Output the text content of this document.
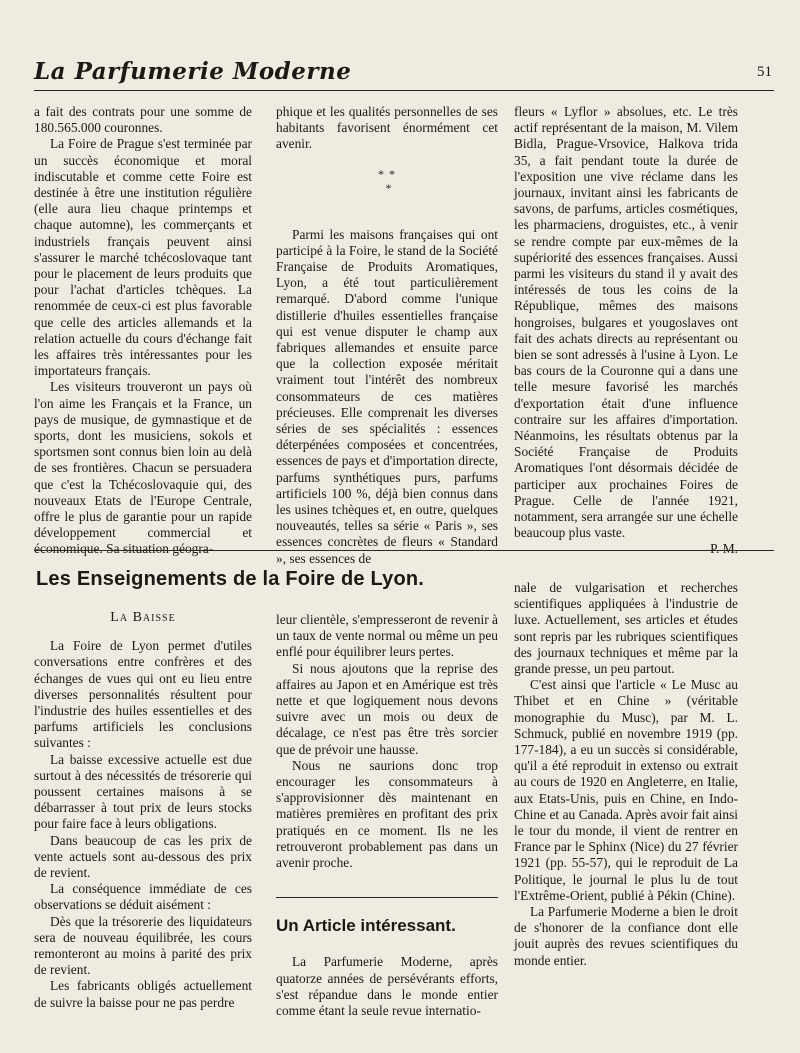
La Parfumerie Moderne	51

a fait des contrats pour une somme de 180.565.000 couronnes.

La Foire de Prague s'est terminée par un succès économique et moral indiscutable et comme cette Foire est destinée à être une institution régulière (elle aura lieu chaque printemps et chaque automne), les commerçants et industriels français peuvent ainsi s'assurer le marché tchécoslovaque tant pour le placement de leurs produits que pour l'achat d'articles tchèques. La renommée de ceux-ci est plus favorable que celle des articles allemands et la relation actuelle du cours d'échange fait les affaires très intéressantes pour les importateurs français.

Les visiteurs trouveront un pays où l'on aime les Français et la France, un pays de musique, de gymnastique et de sports, dont les musiciens, sokols et sportsmen sont connus bien loin au delà de ses frontières. Chacun se persuadera que c'est la Tchécoslovaquie qui, des nouveaux Etats de l'Europe Centrale, offre le plus de garantie pour un rapide développement commercial et économique. Sa situation géogra-

phique et les qualités personnelles de ses habitants favorisent énormément cet avenir.

* *
*

Parmi les maisons françaises qui ont participé à la Foire, le stand de la Société Française de Produits Aromatiques, Lyon, a été tout particulièrement remarqué. D'abord comme l'unique distillerie d'huiles essentielles française qui est venue disputer le champ aux fabriques allemandes et ensuite parce que la collection exposée méritait vraiment tout l'intérêt des nombreux consommateurs de ces matières précieuses. Elle comprenait les diverses séries de ses spécialités : essences déterpénées composées et concentrées, essences de pays et d'importation directe, parfums synthétiques purs, parfums artificiels 100 %, déjà bien connus dans les usines tchèques et, en outre, quelques nouveautés, telles sa série « Paris », ses essences concrètes de fleurs « Standard », ses essences de

fleurs « Lyflor » absolues, etc. Le très actif représentant de la maison, M. Vilem Bidla, Prague-Vrsovice, Halkova trida 35, a fait pendant toute la durée de l'exposition une vive réclame dans les journaux, invitant ainsi les fabricants de savons, de parfums, articles cosmétiques, les pharmaciens, droguistes, etc., à venir se rendre compte par eux-mêmes de la supériorité des essences françaises. Aussi parmi les visiteurs du stand il y avait des intéressés de tous les coins de la République, mêmes des maisons hongroises, bulgares et yougoslaves ont fait des achats directs au représentant ou bien se sont adressés à l'usine à Lyon. Le bas cours de la Couronne qui a dans une telle mesure favorisé les marchés d'exportation était d'une influence contraire sur les affaires d'importation. Néanmoins, les résultats obtenus par la Société Française de Produits Aromatiques l'ont désormais décidée de participer aux prochaines Foires de Prague. Celle de l'année 1921, notamment, sera arrangée sur une échelle beaucoup plus vaste.

P. M.

Les Enseignements de la Foire de Lyon.
La Baisse

La Foire de Lyon permet d'utiles conversations entre confrères et des échanges de vues qui ont eu lieu entre diverses personnalités résultent pour l'industrie des huiles essentielles et des parfums artificiels les conclusions suivantes :

La baisse excessive actuelle est due surtout à des nécessités de trésorerie qui poussent certaines maisons à se débarrasser à tout prix de leurs stocks pour faire face à leurs obligations.

Dans beaucoup de cas les prix de vente actuels sont au-dessous des prix de revient.

La conséquence immédiate de ces observations se déduit aisément :

Dès que la trésorerie des liquidateurs sera de nouveau équilibrée, les cours remonteront au moins à parité des prix de revient.

Les fabricants obligés actuellement de suivre la baisse pour ne pas perdre

leur clientèle, s'empresseront de revenir à un taux de vente normal ou même un peu enflé pour équilibrer leurs pertes.

Si nous ajoutons que la reprise des affaires au Japon et en Amérique est très nette et que logiquement nous devons suivre avec un mois ou deux de décalage, ce n'est pas être très sorcier que de prévoir une hausse.

Nous ne saurions donc trop encourager les consommateurs à s'approvisionner dès maintenant en matières premières en profitant des prix pratiqués en ce moment. Ils ne les retrouveront probablement pas dans un avenir proche.

Un Article intéressant.

La Parfumerie Moderne, après quatorze années de persévérants efforts, s'est répandue dans le monde entier comme étant la seule revue internatio-

nale de vulgarisation et recherches scientifiques appliquées à l'industrie de luxe. Actuellement, ses articles et études sont repris par les rubriques scientifiques des journaux techniques et même par la grande presse, un peu partout.

C'est ainsi que l'article « Le Musc au Thibet et en Chine » (véritable monographie du Musc), par M. L. Schmuck, publié en novembre 1919 (pp. 177-184), a eu un succès si considérable, qu'il a été reproduit in extenso ou extrait au cours de 1920 en Angleterre, en Italie, aux Etats-Unis, puis en Chine, en Indo-Chine et au Canada. Après avoir fait ainsi le tour du monde, il vient de rentrer en France par le Sphinx (Nice) du 27 février 1921 (pp. 55-57), qui le reproduit de La Politique, le journal le plus lu de tout l'Extrême-Orient, publié à Pékin (Chine).

La Parfumerie Moderne a bien le droit de s'honorer de la confiance dont elle jouit auprès des revues scientifiques du monde entier.
